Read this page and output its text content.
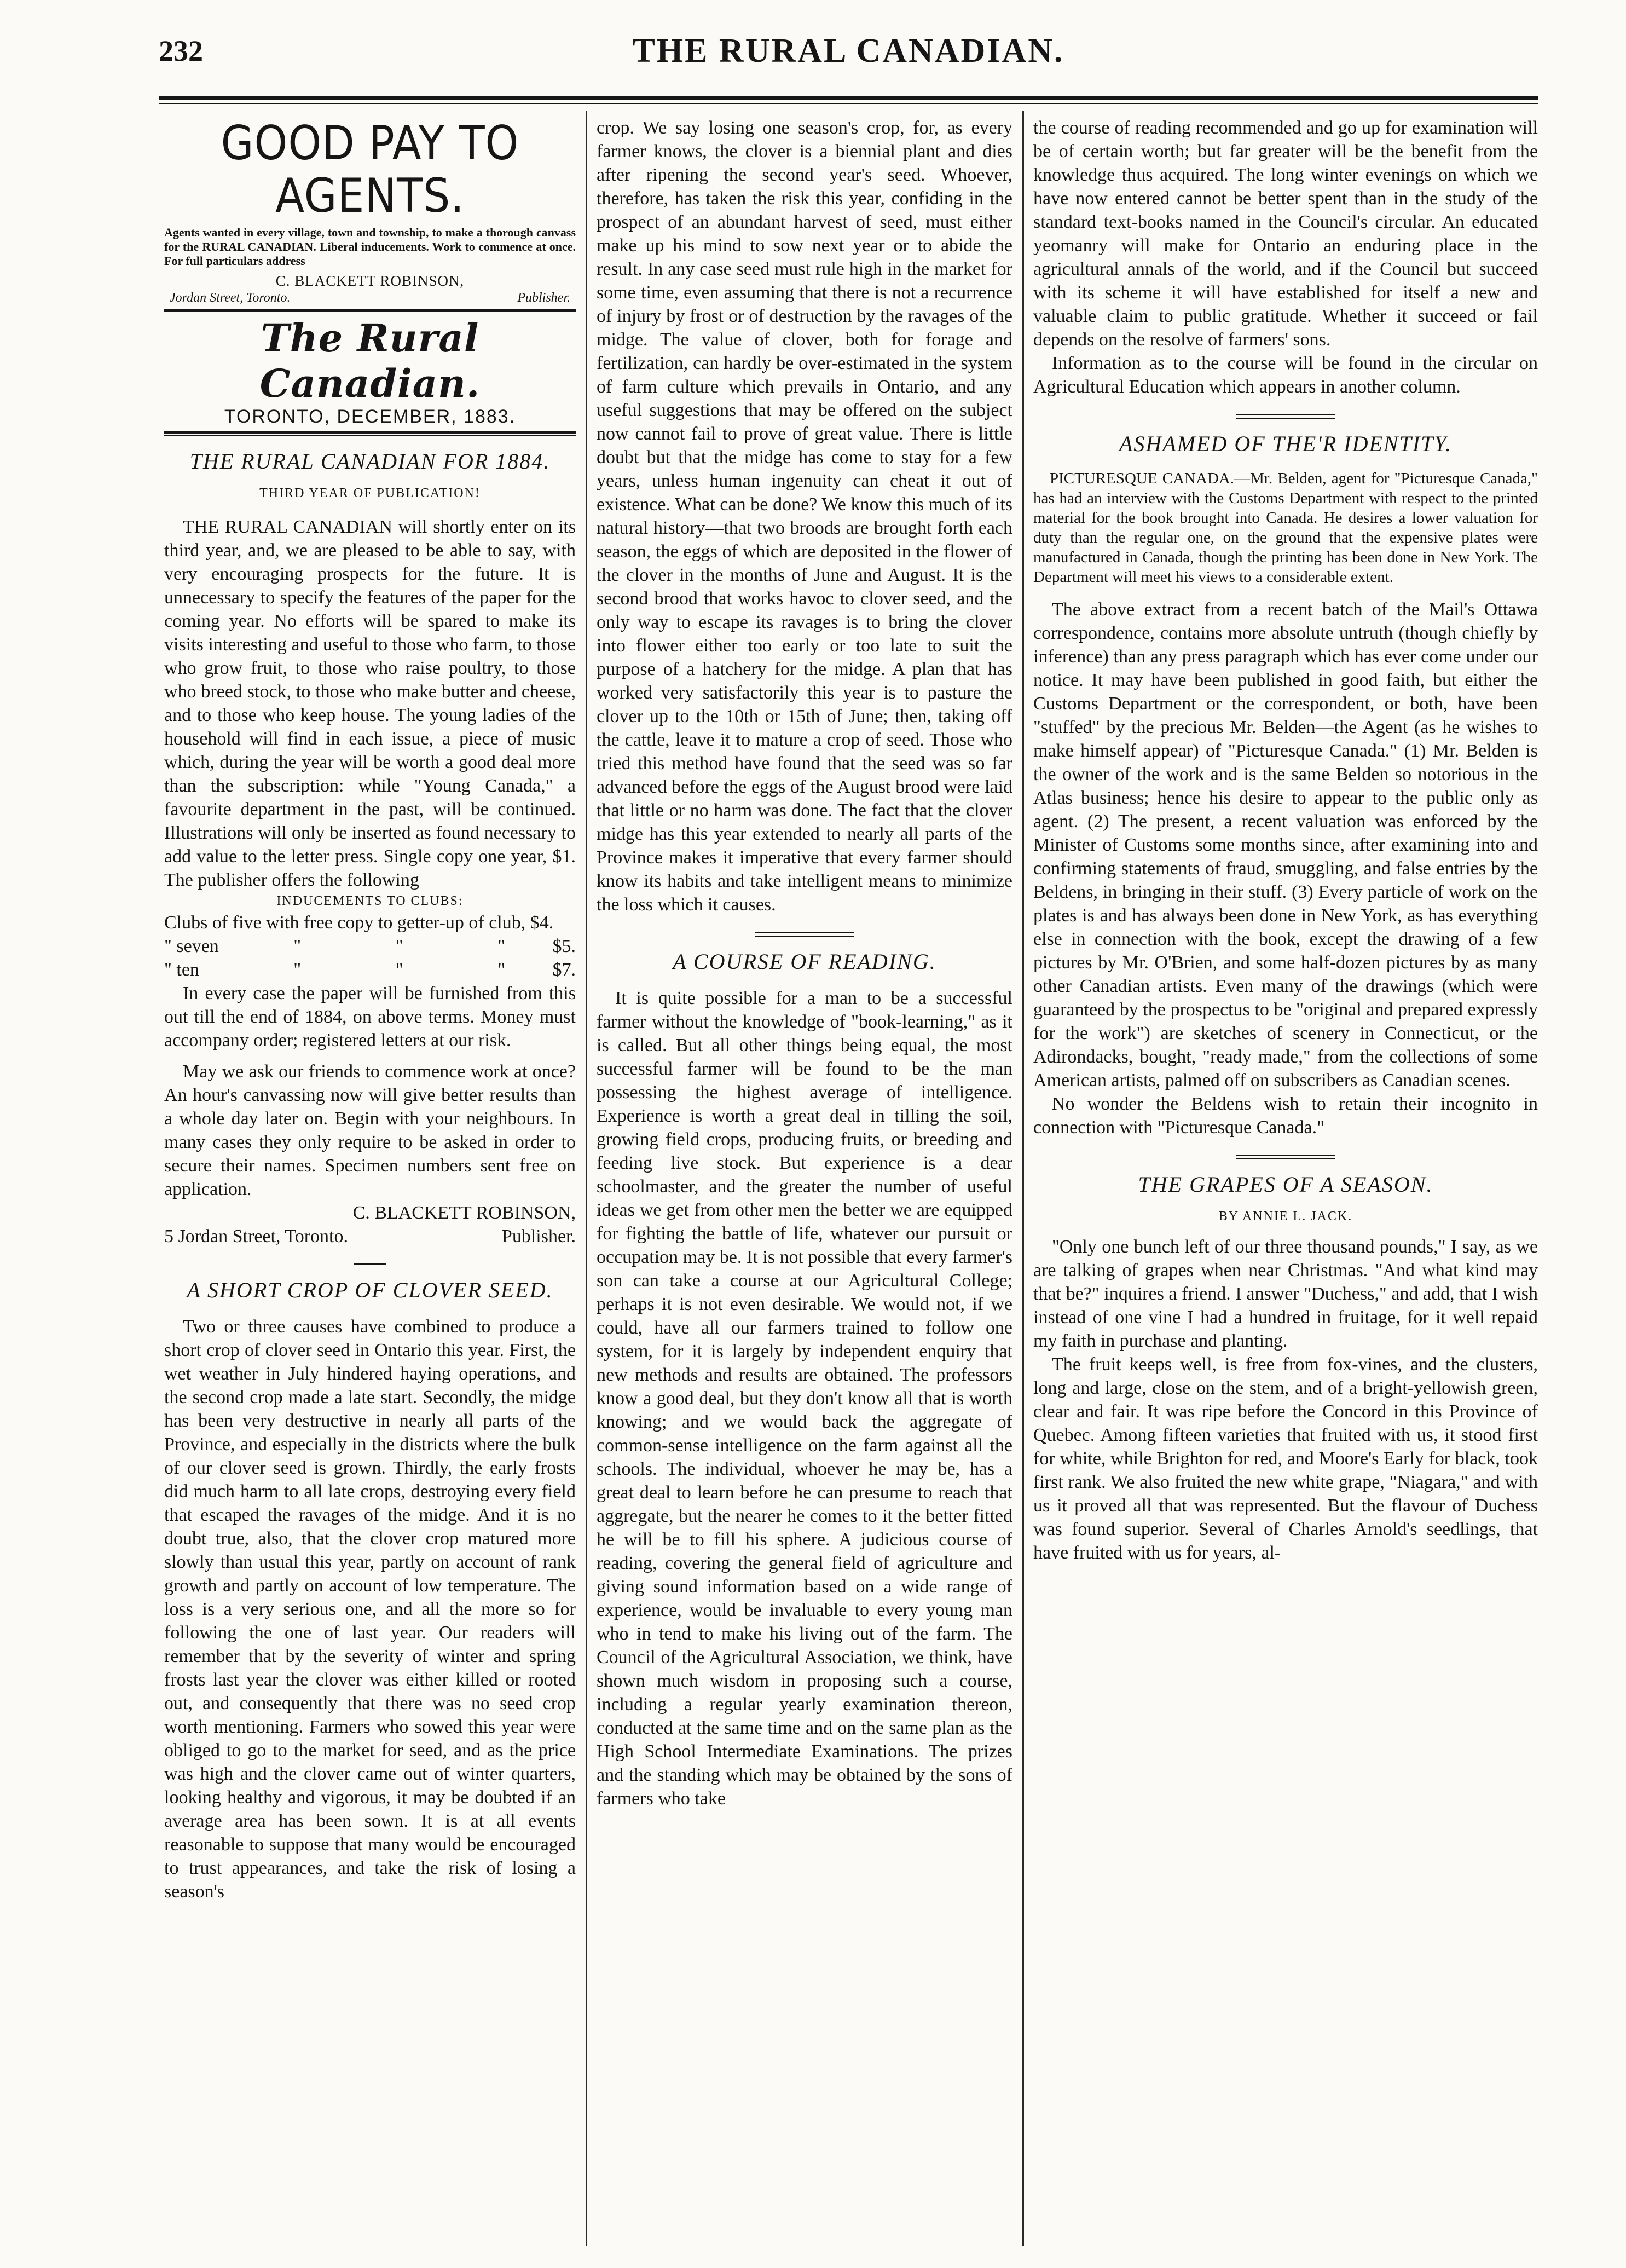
232	THE RURAL CANADIAN.
GOOD PAY TO AGENTS.

Agents wanted in every village, town and township, to make a thorough canvass for the RURAL CANADIAN. Liberal inducements. Work to commence at once. For full particulars address

C. BLACKETT ROBINSON,
Jordan Street, Toronto.	Publisher.
The Rural Canadian.
TORONTO, DECEMBER, 1883.
THE RURAL CANADIAN FOR 1884.
THIRD YEAR OF PUBLICATION!

THE RURAL CANADIAN will shortly enter on its third year, and, we are pleased to be able to say, with very encouraging prospects for the future. It is unnecessary to specify the features of the paper for the coming year. No efforts will be spared to make its visits interesting and useful to those who farm, to those who grow fruit, to those who raise poultry, to those who breed stock, to those who make butter and cheese, and to those who keep house. The young ladies of the household will find in each issue, a piece of music which, during the year will be worth a good deal more than the subscription: while "Young Canada," a favourite department in the past, will be continued. Illustrations will only be inserted as found necessary to add value to the letter press. Single copy one year, $1. The publisher offers the following

INDUCEMENTS TO CLUBS:

Clubs of five with free copy to getter-up of club, $4.

" seven	"	"	"	$5.
" ten	"	"	"	$7.

In every case the paper will be furnished from this out till the end of 1884, on above terms. Money must accompany order; registered letters at our risk.

May we ask our friends to commence work at once? An hour's canvassing now will give better results than a whole day later on. Begin with your neighbours. In many cases they only require to be asked in order to secure their names. Specimen numbers sent free on application.

C. BLACKETT ROBINSON,
5 Jordan Street, Toronto.	Publisher.
A SHORT CROP OF CLOVER SEED.

Two or three causes have combined to produce a short crop of clover seed in Ontario this year. First, the wet weather in July hindered haying operations, and the second crop made a late start. Secondly, the midge has been very destructive in nearly all parts of the Province, and especially in the districts where the bulk of our clover seed is grown. Thirdly, the early frosts did much harm to all late crops, destroying every field that escaped the ravages of the midge. And it is no doubt true, also, that the clover crop matured more slowly than usual this year, partly on account of rank growth and partly on account of low temperature. The loss is a very serious one, and all the more so for following the one of last year. Our readers will remember that by the severity of winter and spring frosts last year the clover was either killed or rooted out, and consequently that there was no seed crop worth mentioning. Farmers who sowed this year were obliged to go to the market for seed, and as the price was high and the clover came out of winter quarters, looking healthy and vigorous, it may be doubted if an average area has been sown. It is at all events reasonable to suppose that many would be encouraged to trust appearances, and take the risk of losing a season's

crop. We say losing one season's crop, for, as every farmer knows, the clover is a biennial plant and dies after ripening the second year's seed. Whoever, therefore, has taken the risk this year, confiding in the prospect of an abundant harvest of seed, must either make up his mind to sow next year or to abide the result. In any case seed must rule high in the market for some time, even assuming that there is not a recurrence of injury by frost or of destruction by the ravages of the midge. The value of clover, both for forage and fertilization, can hardly be over-estimated in the system of farm culture which prevails in Ontario, and any useful suggestions that may be offered on the subject now cannot fail to prove of great value. There is little doubt but that the midge has come to stay for a few years, unless human ingenuity can cheat it out of existence. What can be done? We know this much of its natural history—that two broods are brought forth each season, the eggs of which are deposited in the flower of the clover in the months of June and August. It is the second brood that works havoc to clover seed, and the only way to escape its ravages is to bring the clover into flower either too early or too late to suit the purpose of a hatchery for the midge. A plan that has worked very satisfactorily this year is to pasture the clover up to the 10th or 15th of June; then, taking off the cattle, leave it to mature a crop of seed. Those who tried this method have found that the seed was so far advanced before the eggs of the August brood were laid that little or no harm was done. The fact that the clover midge has this year extended to nearly all parts of the Province makes it imperative that every farmer should know its habits and take intelligent means to minimize the loss which it causes.

A COURSE OF READING.

It is quite possible for a man to be a successful farmer without the knowledge of "book-learning," as it is called. But all other things being equal, the most successful farmer will be found to be the man possessing the highest average of intelligence. Experience is worth a great deal in tilling the soil, growing field crops, producing fruits, or breeding and feeding live stock. But experience is a dear schoolmaster, and the greater the number of useful ideas we get from other men the better we are equipped for fighting the battle of life, whatever our pursuit or occupation may be. It is not possible that every farmer's son can take a course at our Agricultural College; perhaps it is not even desirable. We would not, if we could, have all our farmers trained to follow one system, for it is largely by independent enquiry that new methods and results are obtained. The professors know a good deal, but they don't know all that is worth knowing; and we would back the aggregate of common-sense intelligence on the farm against all the schools. The individual, whoever he may be, has a great deal to learn before he can presume to reach that aggregate, but the nearer he comes to it the better fitted he will be to fill his sphere. A judicious course of reading, covering the general field of agriculture and giving sound information based on a wide range of experience, would be invaluable to every young man who in tend to make his living out of the farm. The Council of the Agricultural Association, we think, have shown much wisdom in proposing such a course, including a regular yearly examination thereon, conducted at the same time and on the same plan as the High School Intermediate Examinations. The prizes and the standing which may be obtained by the sons of farmers who take

the course of reading recommended and go up for examination will be of certain worth; but far greater will be the benefit from the knowledge thus acquired. The long winter evenings on which we have now entered cannot be better spent than in the study of the standard text-books named in the Council's circular. An educated yeomanry will make for Ontario an enduring place in the agricultural annals of the world, and if the Council but succeed with its scheme it will have established for itself a new and valuable claim to public gratitude. Whether it succeed or fail depends on the resolve of farmers' sons.

Information as to the course will be found in the circular on Agricultural Education which appears in another column.

ASHAMED OF THE'R IDENTITY.

PICTURESQUE CANADA.—Mr. Belden, agent for "Picturesque Canada," has had an interview with the Customs Department with respect to the printed material for the book brought into Canada. He desires a lower valuation for duty than the regular one, on the ground that the expensive plates were manufactured in Canada, though the printing has been done in New York. The Department will meet his views to a considerable extent.

The above extract from a recent batch of the Mail's Ottawa correspondence, contains more absolute untruth (though chiefly by inference) than any press paragraph which has ever come under our notice. It may have been published in good faith, but either the Customs Department or the correspondent, or both, have been "stuffed" by the precious Mr. Belden—the Agent (as he wishes to make himself appear) of "Picturesque Canada." (1) Mr. Belden is the owner of the work and is the same Belden so notorious in the Atlas business; hence his desire to appear to the public only as agent. (2) The present, a recent valuation was enforced by the Minister of Customs some months since, after examining into and confirming statements of fraud, smuggling, and false entries by the Beldens, in bringing in their stuff. (3) Every particle of work on the plates is and has always been done in New York, as has everything else in connection with the book, except the drawing of a few pictures by Mr. O'Brien, and some half-dozen pictures by as many other Canadian artists. Even many of the drawings (which were guaranteed by the prospectus to be "original and prepared expressly for the work") are sketches of scenery in Connecticut, or the Adirondacks, bought, "ready made," from the collections of some American artists, palmed off on subscribers as Canadian scenes.

No wonder the Beldens wish to retain their incognito in connection with "Picturesque Canada."

THE GRAPES OF A SEASON.
BY ANNIE L. JACK.

"Only one bunch left of our three thousand pounds," I say, as we are talking of grapes when near Christmas. "And what kind may that be?" inquires a friend. I answer "Duchess," and add, that I wish instead of one vine I had a hundred in fruitage, for it well repaid my faith in purchase and planting.

The fruit keeps well, is free from fox-vines, and the clusters, long and large, close on the stem, and of a bright-yellowish green, clear and fair. It was ripe before the Concord in this Province of Quebec. Among fifteen varieties that fruited with us, it stood first for white, while Brighton for red, and Moore's Early for black, took first rank. We also fruited the new white grape, "Niagara," and with us it proved all that was represented. But the flavour of Duchess was found superior. Several of Charles Arnold's seedlings, that have fruited with us for years, al-
